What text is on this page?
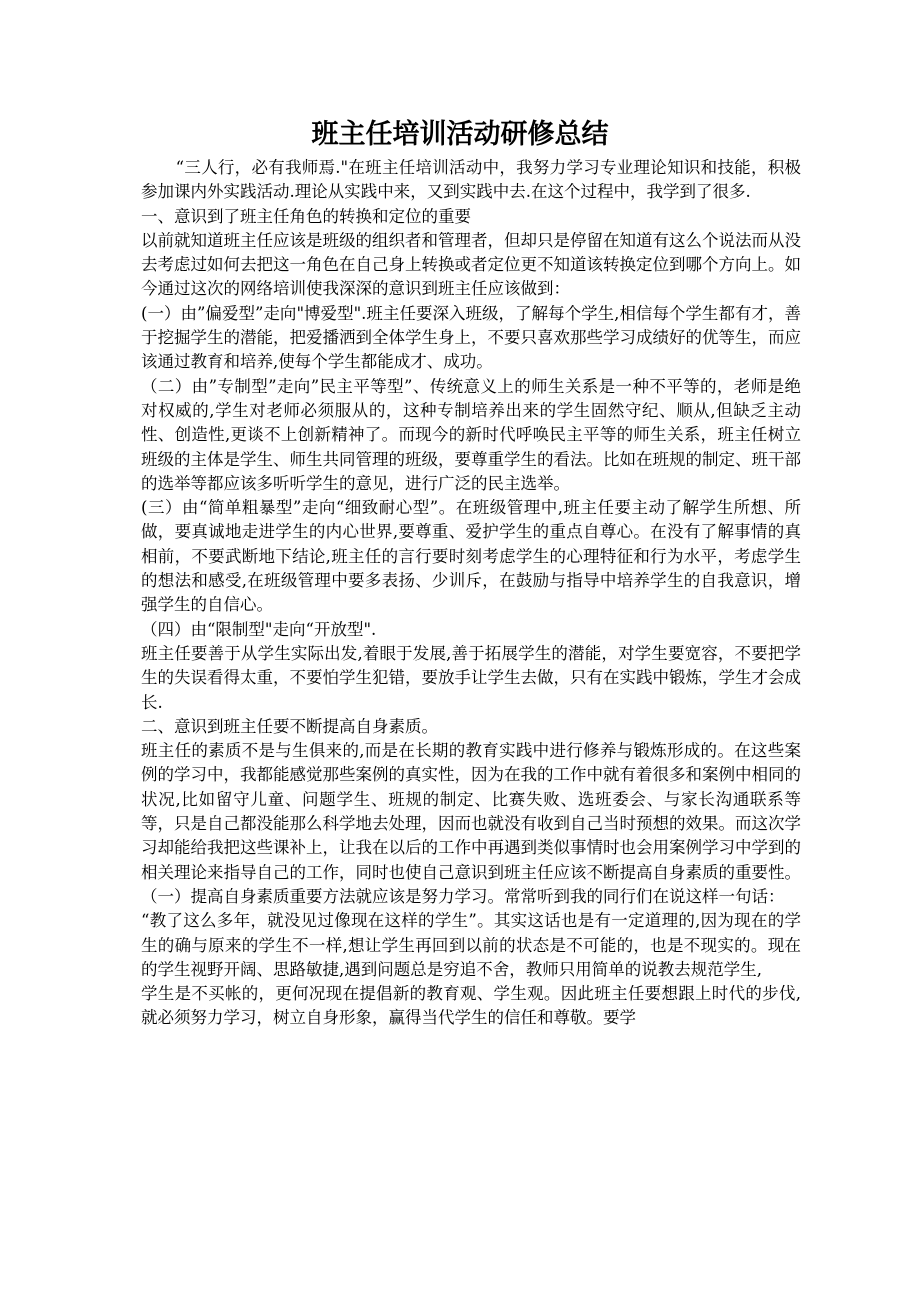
班主任培训活动研修总结

“三人行，必有我师焉."在班主任培训活动中，我努力学习专业理论知识和技能，积极参加课内外实践活动.理论从实践中来，又到实践中去.在这个过程中，我学到了很多.

一、意识到了班主任角色的转换和定位的重要

以前就知道班主任应该是班级的组织者和管理者，但却只是停留在知道有这么个说法而从没去考虑过如何去把这一角色在自己身上转换或者定位更不知道该转换定位到哪个方向上。如今通过这次的网络培训使我深深的意识到班主任应该做到：

(一）由”偏爱型”走向"博爱型".班主任要深入班级，了解每个学生,相信每个学生都有才，善于挖掘学生的潜能，把爱播洒到全体学生身上，不要只喜欢那些学习成绩好的优等生，而应该通过教育和培养,使每个学生都能成才、成功。

（二）由”专制型”走向”民主平等型”、传统意义上的师生关系是一种不平等的，老师是绝对权威的,学生对老师必须服从的，这种专制培养出来的学生固然守纪、顺从,但缺乏主动性、创造性,更谈不上创新精神了。而现今的新时代呼唤民主平等的师生关系，班主任树立班级的主体是学生、师生共同管理的班级，要尊重学生的看法。比如在班规的制定、班干部的选举等都应该多听听学生的意见，进行广泛的民主选举。

(三）由“简单粗暴型”走向“细致耐心型”。在班级管理中,班主任要主动了解学生所想、所做，要真诚地走进学生的内心世界,要尊重、爱护学生的重点自尊心。在没有了解事情的真相前，不要武断地下结论,班主任的言行要时刻考虑学生的心理特征和行为水平，考虑学生的想法和感受,在班级管理中要多表扬、少训斥，在鼓励与指导中培养学生的自我意识，增强学生的自信心。

（四）由“限制型"走向“开放型".

班主任要善于从学生实际出发,着眼于发展,善于拓展学生的潜能，对学生要宽容，不要把学生的失误看得太重，不要怕学生犯错，要放手让学生去做，只有在实践中锻炼，学生才会成长.

二、意识到班主任要不断提高自身素质。

班主任的素质不是与生俱来的,而是在长期的教育实践中进行修养与锻炼形成的。在这些案例的学习中，我都能感觉那些案例的真实性，因为在我的工作中就有着很多和案例中相同的状况,比如留守儿童、问题学生、班规的制定、比赛失败、选班委会、与家长沟通联系等等，只是自己都没能那么科学地去处理，因而也就没有收到自己当时预想的效果。而这次学习却能给我把这些课补上，让我在以后的工作中再遇到类似事情时也会用案例学习中学到的相关理论来指导自己的工作，同时也使自己意识到班主任应该不断提高自身素质的重要性。

（一）提高自身素质重要方法就应该是努力学习。常常听到我的同行们在说这样一句话：

“教了这么多年，就没见过像现在这样的学生”。其实这话也是有一定道理的,因为现在的学生的确与原来的学生不一样,想让学生再回到以前的状态是不可能的，也是不现实的。现在的学生视野开阔、思路敏捷,遇到问题总是穷追不舍，教师只用简单的说教去规范学生,

学生是不买帐的，更何况现在提倡新的教育观、学生观。因此班主任要想跟上时代的步伐,就必须努力学习，树立自身形象，赢得当代学生的信任和尊敬。要学
